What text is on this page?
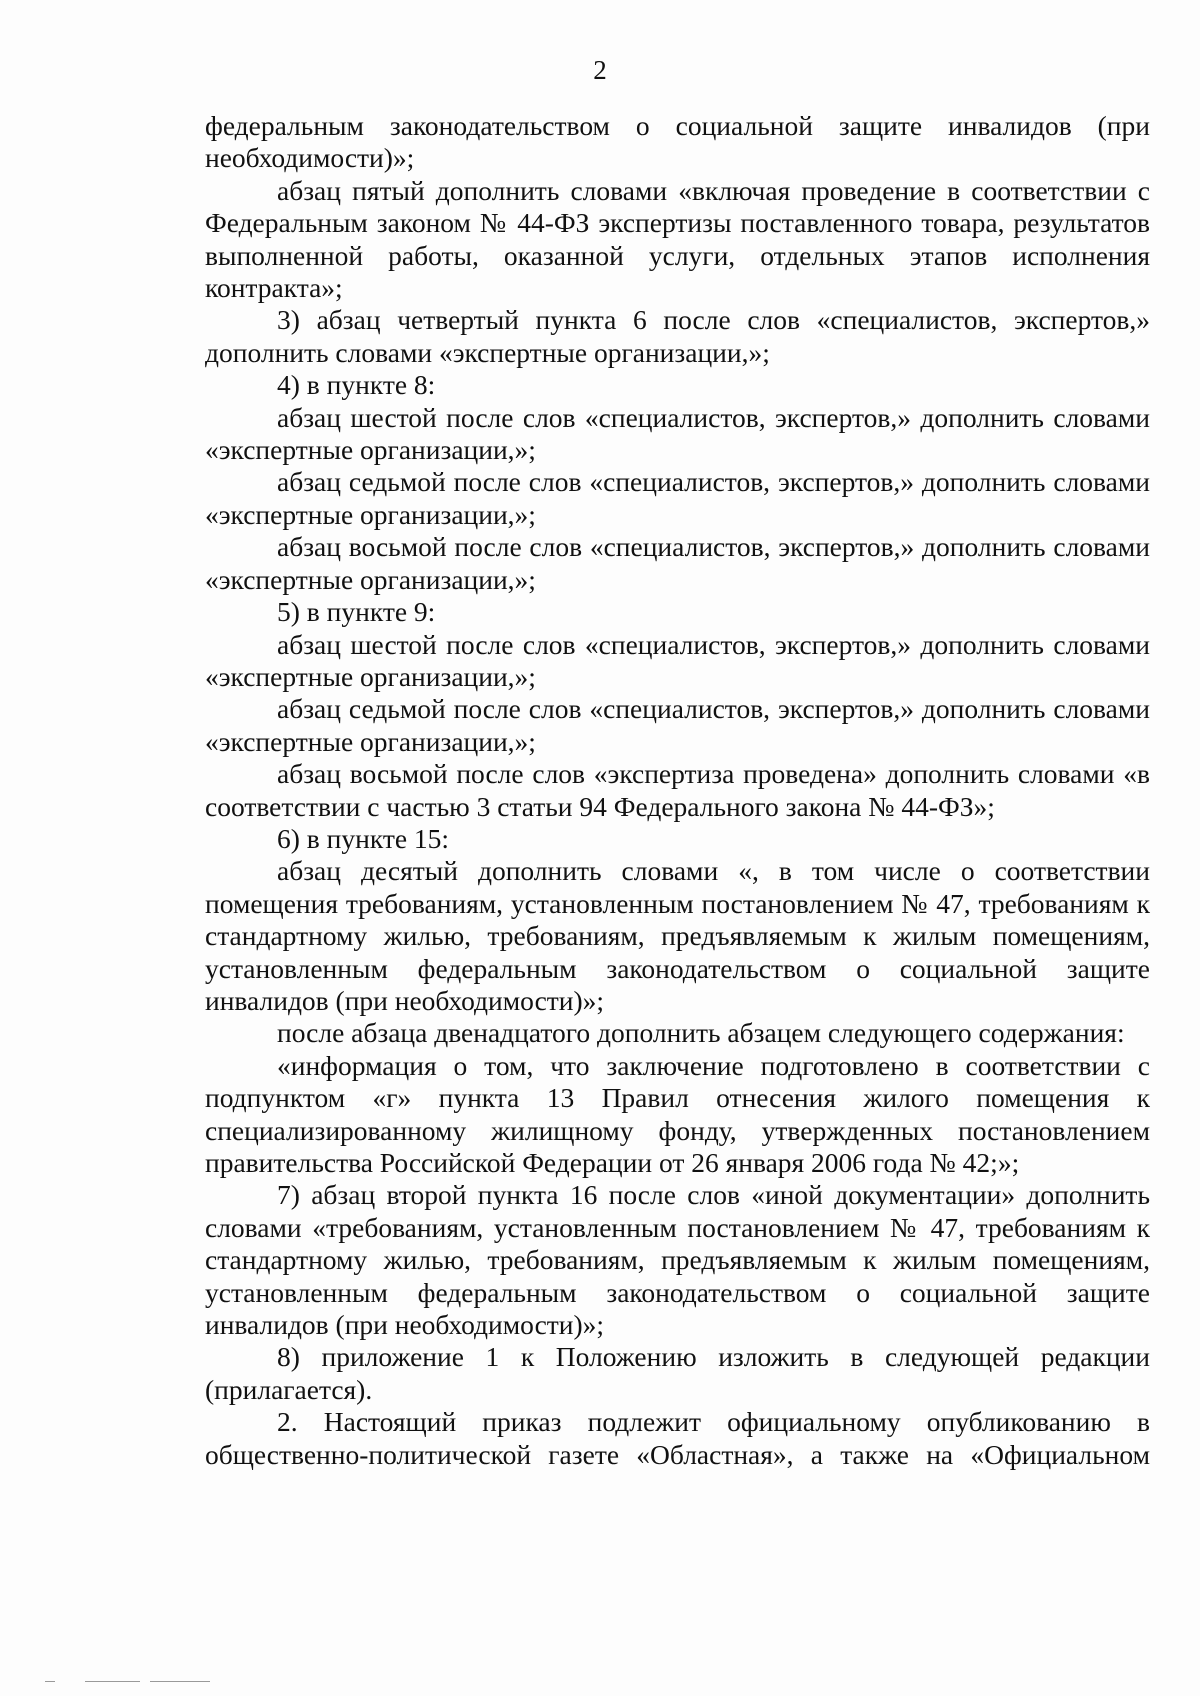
2

федеральным законодательством о социальной защите инвалидов (при необходимости)»;

абзац пятый дополнить словами «включая проведение в соответствии с Федеральным законом № 44-ФЗ экспертизы поставленного товара, результатов выполненной работы, оказанной услуги, отдельных этапов исполнения контракта»;

3) абзац четвертый пункта 6 после слов «специалистов, экспертов,» дополнить словами «экспертные организации,»;

4) в пункте 8:

абзац шестой после слов «специалистов, экспертов,» дополнить словами «экспертные организации,»;

абзац седьмой после слов «специалистов, экспертов,» дополнить словами «экспертные организации,»;

абзац восьмой после слов «специалистов, экспертов,» дополнить словами «экспертные организации,»;

5) в пункте 9:

абзац шестой после слов «специалистов, экспертов,» дополнить словами «экспертные организации,»;

абзац седьмой после слов «специалистов, экспертов,» дополнить словами «экспертные организации,»;

абзац восьмой после слов «экспертиза проведена» дополнить словами «в соответствии с частью 3 статьи 94 Федерального закона № 44-ФЗ»;

6) в пункте 15:

абзац десятый дополнить словами «, в том числе о соответствии помещения требованиям, установленным постановлением № 47, требованиям к стандартному жилью, требованиям, предъявляемым к жилым помещениям, установленным федеральным законодательством о социальной защите инвалидов (при необходимости)»;

после абзаца двенадцатого дополнить абзацем следующего содержания:

«информация о том, что заключение подготовлено в соответствии с подпунктом «г» пункта 13 Правил отнесения жилого помещения к специализированному жилищному фонду, утвержденных постановлением правительства Российской Федерации от 26 января 2006 года № 42;»;

7) абзац второй пункта 16 после слов «иной документации» дополнить словами «требованиям, установленным постановлением № 47, требованиям к стандартному жилью, требованиям, предъявляемым к жилым помещениям, установленным федеральным законодательством о социальной защите инвалидов (при необходимости)»;

8) приложение 1 к Положению изложить в следующей редакции (прилагается).

2. Настоящий приказ подлежит официальному опубликованию в общественно-политической газете «Областная», а также на «Официальном
